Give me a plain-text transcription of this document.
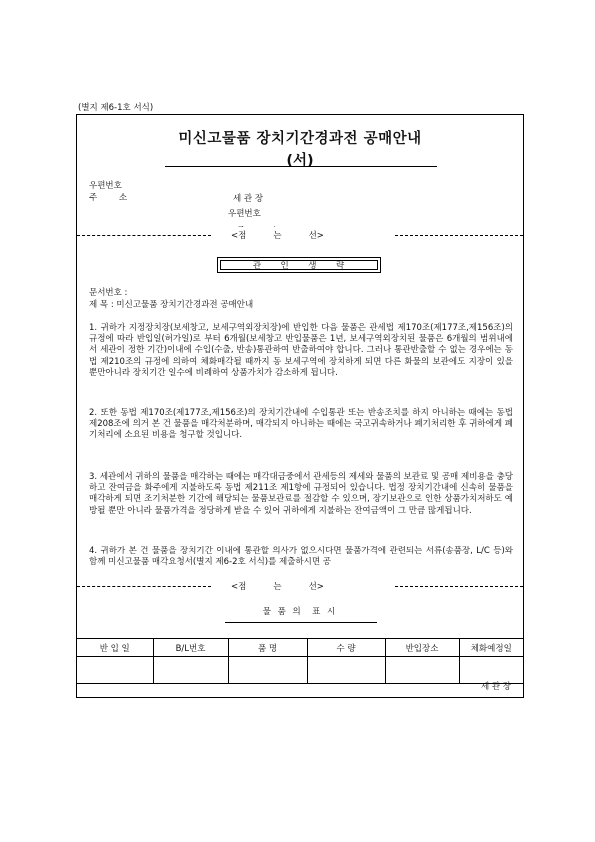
(별지 제6-1호 서식)
미신고물품 장치기간경과전 공매안내
(서)
우편번호
주        소	세 관 장
우편번호

<점          는          선>
관     인     생     략
문서번호 :
제 목 : 미신고물품 장치기간경과전 공매안내

1. 귀하가 지정장치장(보세창고, 보세구역외장치장)에 반입한 다음 물품은 관세법 제170조(제177조,제156조)의 규정에 따라 반입일(허가일)로 부터 6개월(보세창고 반입물품은 1년, 보세구역외장치된 물품은 6개월의 범위내에서 세관이 정한 기간)이내에 수입(수출, 반송)통관하여 반출하여야 합니다. 그러나 통관반출할 수 없는 경우에는 동법 제210조의 규정에 의하여 체화매각될 때까지 동 보세구역에 장치하게 되면 다른 화물의 보관에도 지장이 있을 뿐만아니라 장치기간 일수에 비례하여 상품가치가 감소하게 됩니다.

2. 또한 동법 제170조(제177조,제156조)의 장치기간내에 수입통관 또는 반송조치를 하지 아니하는 때에는 동법 제208조에 의거 본 건 물품을 매각처분하며, 매각되지 아니하는 때에는 국고귀속하거나 폐기처리한 후 귀하에게 폐기처리에 소요된 비용을 청구할 것입니다.

3. 세관에서 귀하의 물품을 매각하는 때에는 매각대금중에서 관세등의 제세와 물품의 보관료 및 공매 제비용을 충당하고 잔여금을 화주에게 지불하도록 동법 제211조 제1항에 규정되어 있습니다. 법정 장치기간내에 신속히 물품을 매각하게 되면 조기처분한 기간에 해당되는 물품보관료를 절감할 수 있으며, 장기보관으로 인한 상품가치저하도 예방될 뿐만 아니라 물품가격을 정당하게 받을 수 있어 귀하에게 지불하는 잔여금액이 그 만큼 많게됩니다.

4. 귀하가 본 건 물품을 장치기간 이내에 통관할 의사가 없으시다면 물품가격에 관련되는 서류(송품장, L/C 등)와 함께 미신고물품 매각요청서(별지 제6-2호 서식)를 제출하시면 공

<점          는          선>
물 품 의  표 시
반 입 일	B/L번호	품 명	수 량	반입장소	체화예정일

세 관 장
